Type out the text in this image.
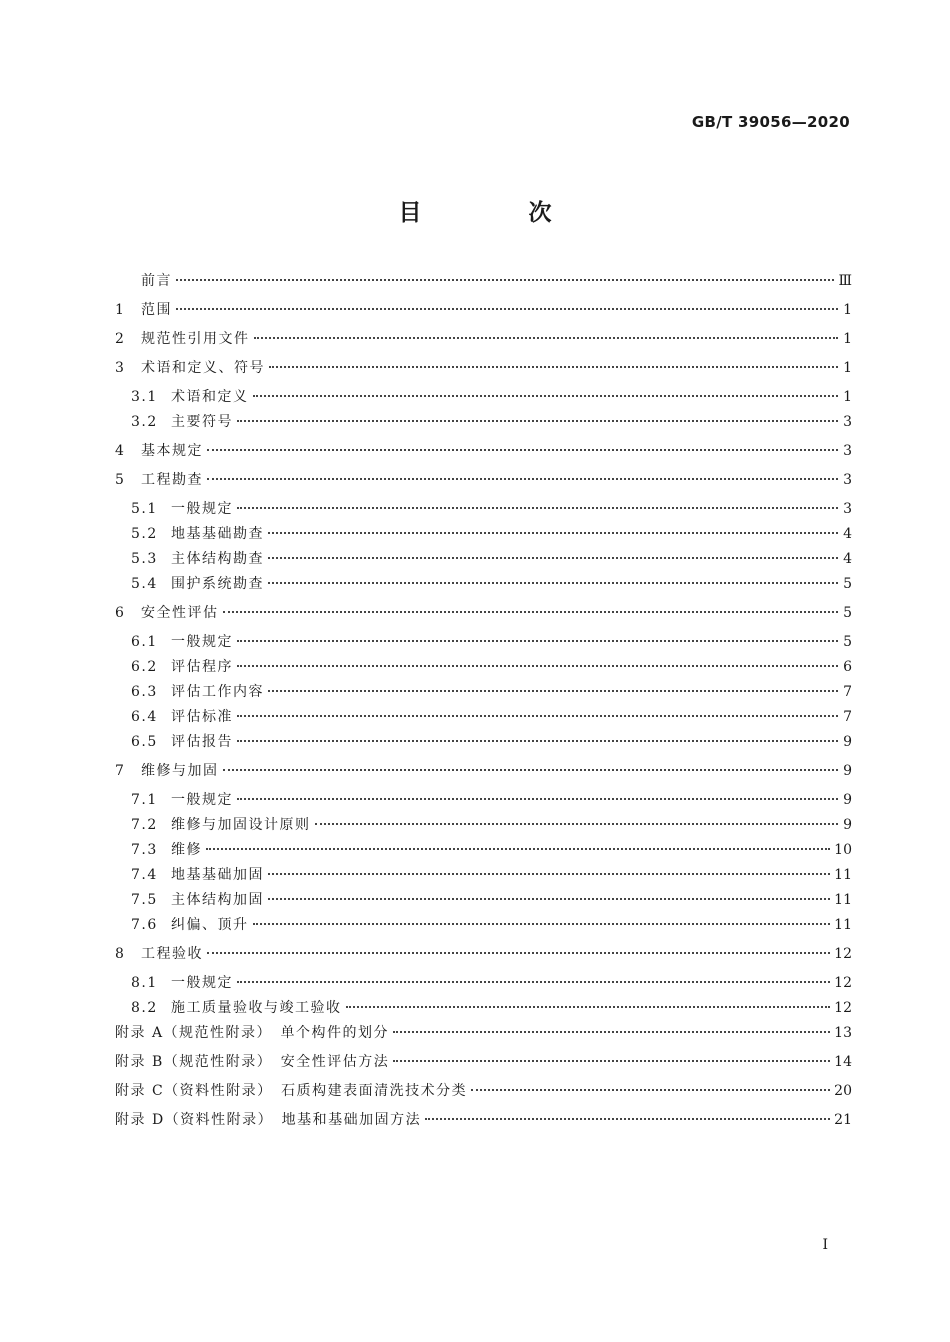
GB/T 39056—2020
目　次
前言	Ⅲ
1	范围	1
2	规范性引用文件	1
3	术语和定义、符号	1
3.1 术语和定义	1
3.2 主要符号	3
4	基本规定	3
5	工程勘查	3
5.1 一般规定	3
5.2 地基基础勘查	4
5.3 主体结构勘查	4
5.4 围护系统勘查	5
6	安全性评估	5
6.1 一般规定	5
6.2 评估程序	6
6.3 评估工作内容	7
6.4 评估标准	7
6.5 评估报告	9
7	维修与加固	9
7.1 一般规定	9
7.2 维修与加固设计原则	9
7.3 维修	10
7.4 地基基础加固	11
7.5 主体结构加固	11
7.6 纠偏、顶升	11
8	工程验收	12
8.1 一般规定	12
8.2 施工质量验收与竣工验收	12
附录 A（规范性附录）　单个构件的划分	13
附录 B（规范性附录）　安全性评估方法	14
附录 C（资料性附录）　石质构建表面清洗技术分类	20
附录 D（资料性附录）　地基和基础加固方法	21
I
